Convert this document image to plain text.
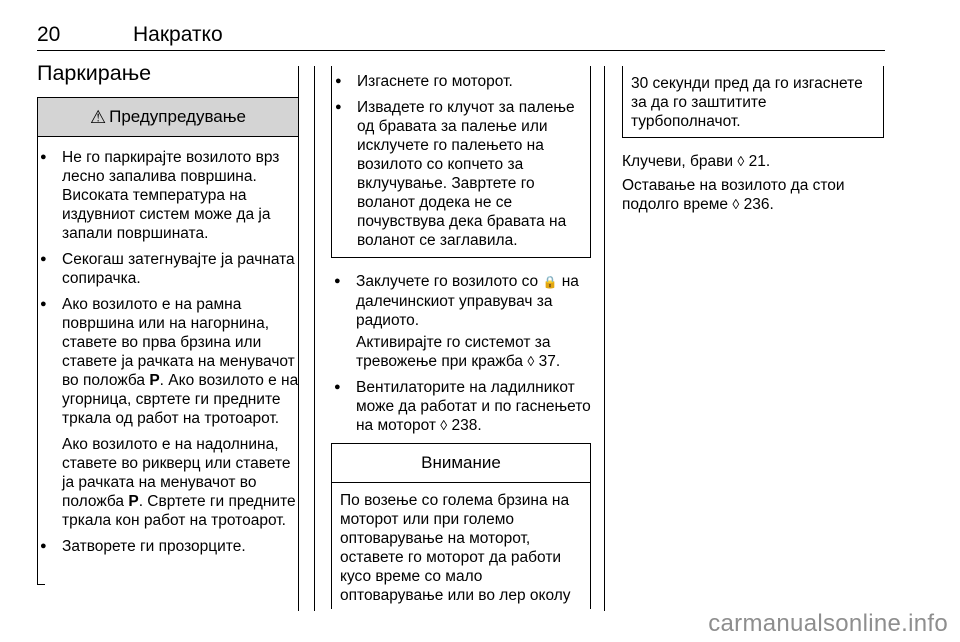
20	Накратко
Паркирање
⚠ Предупредување
● Не го паркирајте возилото врз лесно запалива површина. Високата температура на издувниот систем може да ја запали површината.
● Секогаш затегнувајте ја рачната сопирачка.
● Ако возилото е на рамна површина или на нагорнина, ставете во прва брзина или ставете ја рачката на менувачот во положба P. Ако возилото е на угорница, свртете ги предните тркала од работ на тротоарот.
Ако возилото е на надолнина, ставете во рикверц или ставете ја рачката на менувачот во положба P. Свртете ги предните тркала кон работ на тротоарот.
● Затворете ги прозорците.
● Изгаснете го моторот.
● Извадете го клучот за палење од бравата за палење или исклучете го палењето на возилото со копчето за вклучување. Завртете го воланот додека не се почувствува дека бравата на воланот се заглавила.
● Заклучете го возилото со 🔒 на далечинскиот управувач за радиото.
Активирајте го системот за тревожење при кражба ◊ 37.
● Вентилаторите на ладилникот може да работат и по гаснењето на моторот ◊ 238.
Внимание
По возење со голема брзина на моторот или при големо оптоварување на моторот, оставете го моторот да работи кусо време со мало оптоварување или во лер околу
30 секунди пред да го изгаснете за да го заштитите турбополначот.

Клучеви, брави ◊ 21.

Оставање на возилото да стои подолго време ◊ 236.

carmanualsonline.info
